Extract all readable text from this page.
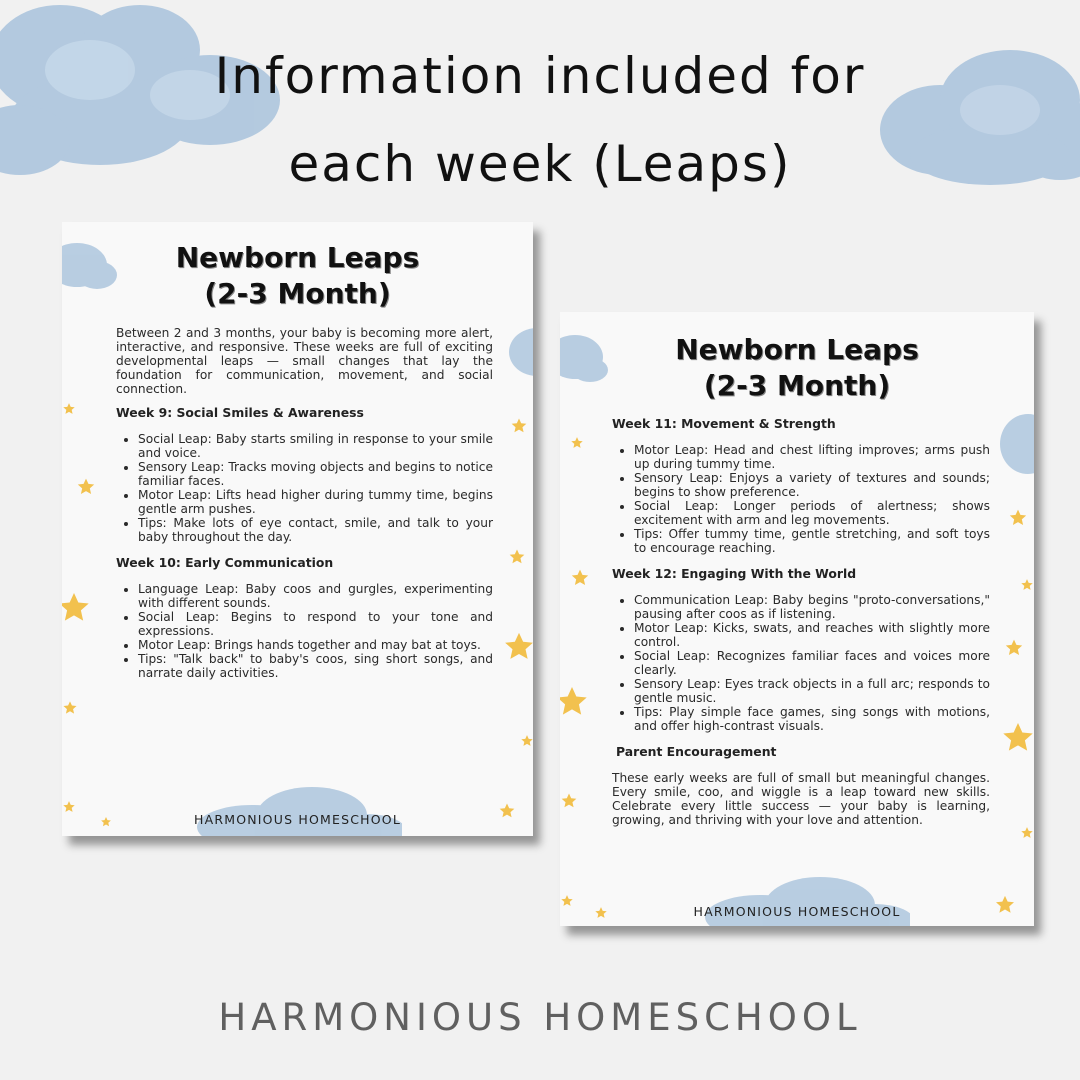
Information included for
each week (Leaps)
Newborn Leaps
(2-3 Month)

Between 2 and 3 months, your baby is becoming more alert, interactive, and responsive. These weeks are full of exciting developmental leaps — small changes that lay the foundation for communication, movement, and social connection.

Week 9: Social Smiles & Awareness
• Social Leap: Baby starts smiling in response to your smile and voice.
• Sensory Leap: Tracks moving objects and begins to notice familiar faces.
• Motor Leap: Lifts head higher during tummy time, begins gentle arm pushes.
• Tips: Make lots of eye contact, smile, and talk to your baby throughout the day.
Week 10: Early Communication
• Language Leap: Baby coos and gurgles, experimenting with different sounds.
• Social Leap: Begins to respond to your tone and expressions.
• Motor Leap: Brings hands together and may bat at toys.
• Tips: "Talk back" to baby's coos, sing short songs, and narrate daily activities.
HARMONIOUS HOMESCHOOL
Newborn Leaps
(2-3 Month)
Week 11: Movement & Strength
• Motor Leap: Head and chest lifting improves; arms push up during tummy time.
• Sensory Leap: Enjoys a variety of textures and sounds; begins to show preference.
• Social Leap: Longer periods of alertness; shows excitement with arm and leg movements.
• Tips: Offer tummy time, gentle stretching, and soft toys to encourage reaching.
Week 12: Engaging With the World
• Communication Leap: Baby begins "proto-conversations," pausing after coos as if listening.
• Motor Leap: Kicks, swats, and reaches with slightly more control.
• Social Leap: Recognizes familiar faces and voices more clearly.
• Sensory Leap: Eyes track objects in a full arc; responds to gentle music.
• Tips: Play simple face games, sing songs with motions, and offer high-contrast visuals.
Parent Encouragement

These early weeks are full of small but meaningful changes. Every smile, coo, and wiggle is a leap toward new skills. Celebrate every little success — your baby is learning, growing, and thriving with your love and attention.

HARMONIOUS HOMESCHOOL
HARMONIOUS HOMESCHOOL
